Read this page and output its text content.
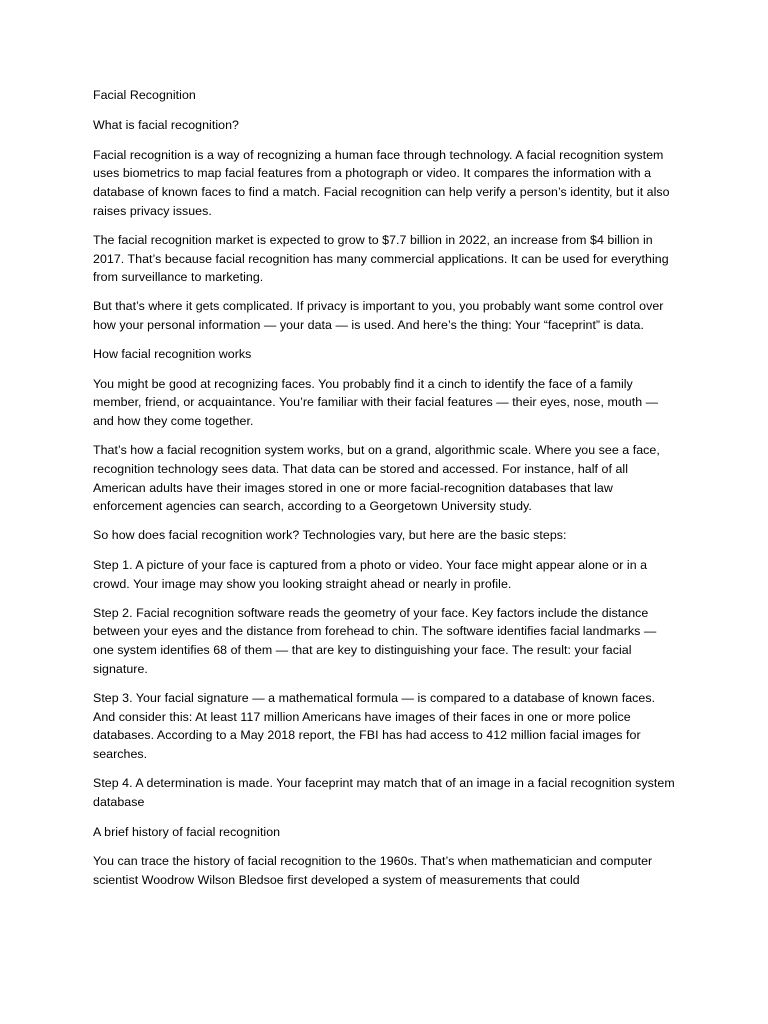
Facial Recognition

What is facial recognition?

Facial recognition is a way of recognizing a human face through technology. A facial recognition system uses biometrics to map facial features from a photograph or video. It compares the information with a database of known faces to find a match. Facial recognition can help verify a person’s identity, but it also raises privacy issues.

The facial recognition market is expected to grow to $7.7 billion in 2022, an increase from $4 billion in 2017. That’s because facial recognition has many commercial applications. It can be used for everything from surveillance to marketing.

But that’s where it gets complicated. If privacy is important to you, you probably want some control over how your personal information — your data — is used. And here’s the thing: Your “faceprint” is data.

How facial recognition works

You might be good at recognizing faces. You probably find it a cinch to identify the face of a family member, friend, or acquaintance. You’re familiar with their facial features — their eyes, nose, mouth — and how they come together.

That’s how a facial recognition system works, but on a grand, algorithmic scale. Where you see a face, recognition technology sees data. That data can be stored and accessed. For instance, half of all American adults have their images stored in one or more facial-recognition databases that law enforcement agencies can search, according to a Georgetown University study.

So how does facial recognition work? Technologies vary, but here are the basic steps:

Step 1. A picture of your face is captured from a photo or video. Your face might appear alone or in a crowd. Your image may show you looking straight ahead or nearly in profile.

Step 2. Facial recognition software reads the geometry of your face. Key factors include the distance between your eyes and the distance from forehead to chin. The software identifies facial landmarks — one system identifies 68 of them — that are key to distinguishing your face. The result: your facial signature.

Step 3. Your facial signature — a mathematical formula — is compared to a database of known faces. And consider this: At least 117 million Americans have images of their faces in one or more police databases. According to a May 2018 report, the FBI has had access to 412 million facial images for searches.

Step 4. A determination is made. Your faceprint may match that of an image in a facial recognition system database

A brief history of facial recognition

You can trace the history of facial recognition to the 1960s. That’s when mathematician and computer scientist Woodrow Wilson Bledsoe first developed a system of measurements that could
